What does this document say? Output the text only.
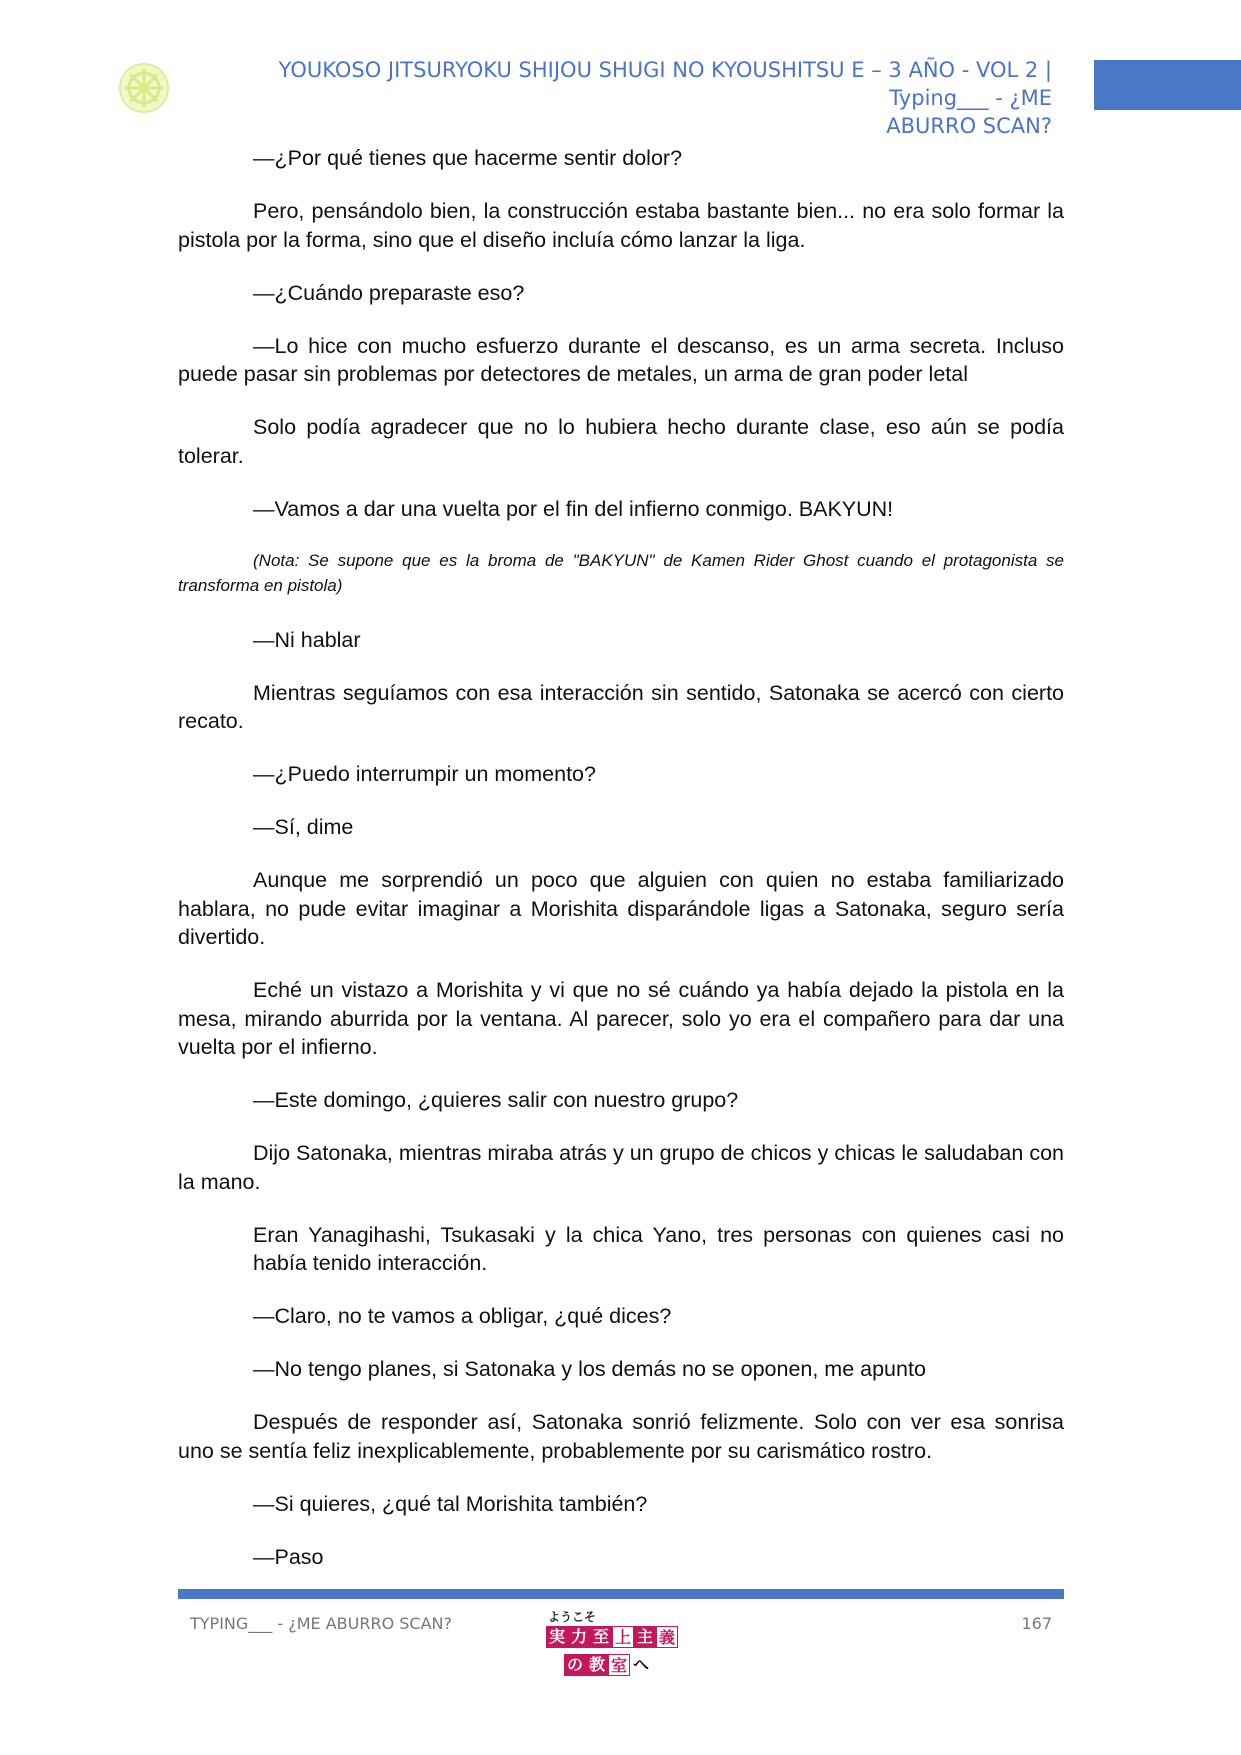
YOUKOSO JITSURYOKU SHIJOU SHUGI NO KYOUSHITSU E – 3 AÑO - VOL 2 | Typing___ - ¿ME
ABURRO SCAN?

—¿Por qué tienes que hacerme sentir dolor?

Pero, pensándolo bien, la construcción estaba bastante bien... no era solo formar la pistola por la forma, sino que el diseño incluía cómo lanzar la liga.

—¿Cuándo preparaste eso?

—Lo hice con mucho esfuerzo durante el descanso, es un arma secreta. Incluso puede pasar sin problemas por detectores de metales, un arma de gran poder letal

Solo podía agradecer que no lo hubiera hecho durante clase, eso aún se podía tolerar.

—Vamos a dar una vuelta por el fin del infierno conmigo. BAKYUN!

(Nota: Se supone que es la broma de "BAKYUN" de Kamen Rider Ghost cuando el protagonista se transforma en pistola)

—Ni hablar

Mientras seguíamos con esa interacción sin sentido, Satonaka se acercó con cierto recato.

—¿Puedo interrumpir un momento?

—Sí, dime

Aunque me sorprendió un poco que alguien con quien no estaba familiarizado hablara, no pude evitar imaginar a Morishita disparándole ligas a Satonaka, seguro sería divertido.

Eché un vistazo a Morishita y vi que no sé cuándo ya había dejado la pistola en la mesa, mirando aburrida por la ventana. Al parecer, solo yo era el compañero para dar una vuelta por el infierno.

—Este domingo, ¿quieres salir con nuestro grupo?

Dijo Satonaka, mientras miraba atrás y un grupo de chicos y chicas le saludaban con la mano.

Eran Yanagihashi, Tsukasaki y la chica Yano, tres personas con quienes casi no había tenido interacción.

—Claro, no te vamos a obligar, ¿qué dices?

—No tengo planes, si Satonaka y los demás no se oponen, me apunto

Después de responder así, Satonaka sonrió felizmente. Solo con ver esa sonrisa uno se sentía feliz inexplicablemente, probablemente por su carismático rostro.

—Si quieres, ¿qué tal Morishita también?

—Paso

TYPING___ - ¿ME ABURRO SCAN?	ようこそ
実 力 至 上 主 義
の 教 室 へ
167
